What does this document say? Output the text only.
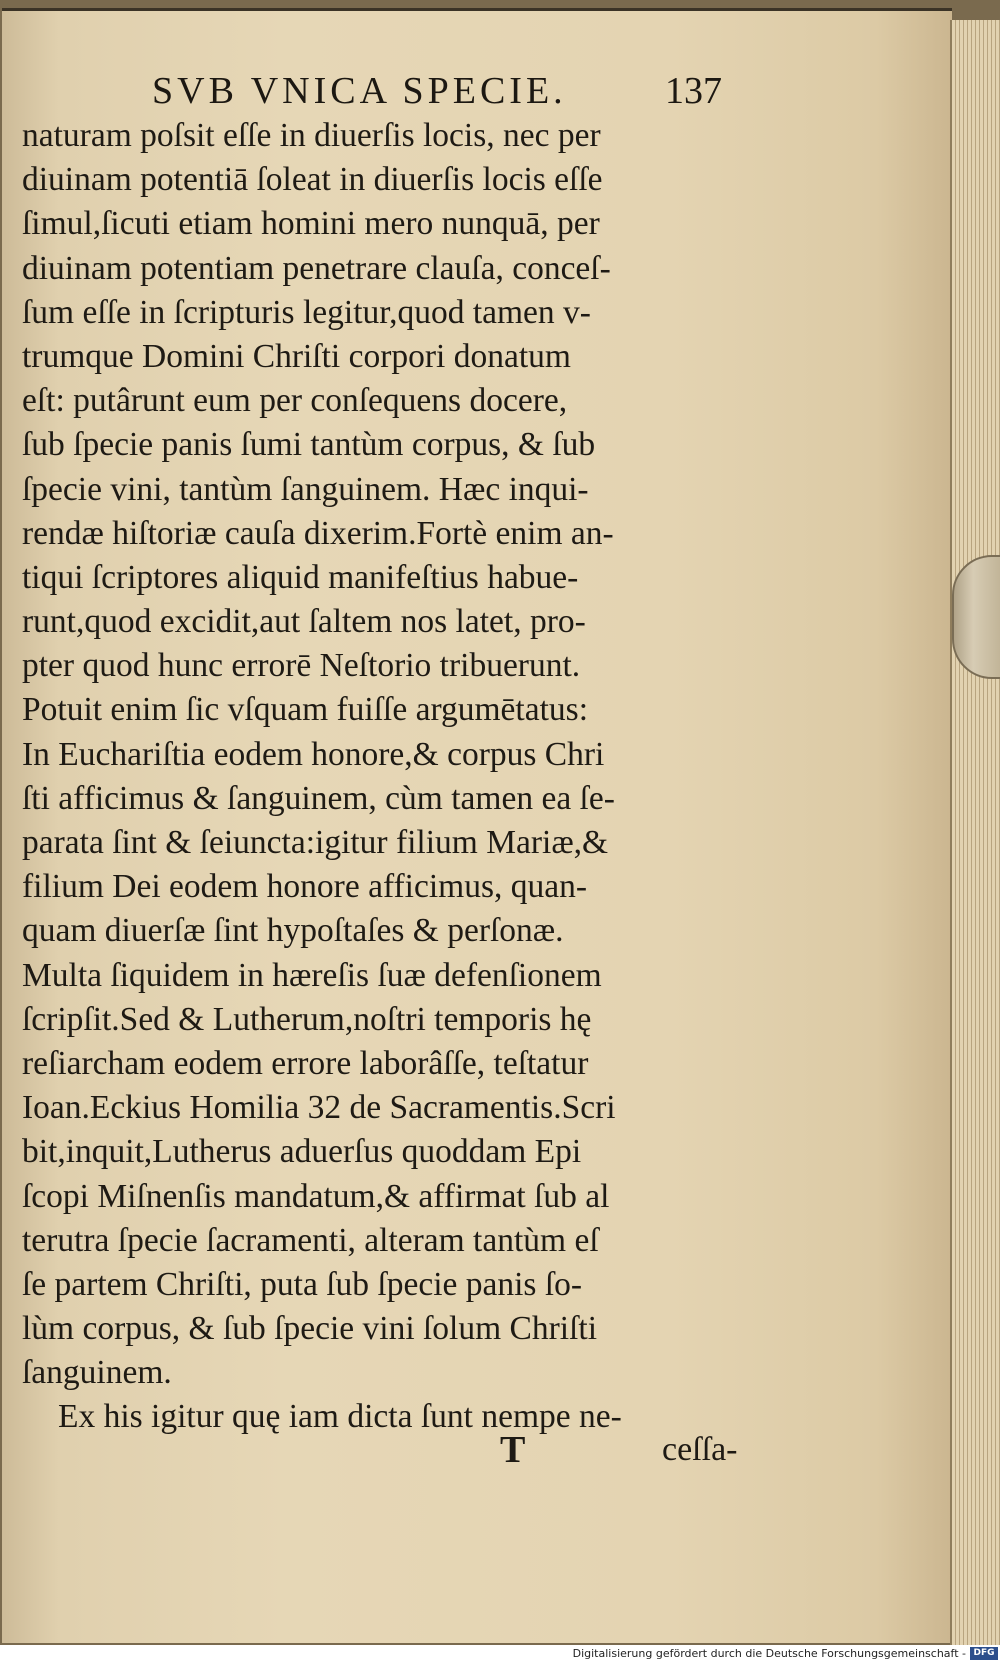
SVB VNICA SPECIE.	137
naturam poſsit eſſe in diuerſis locis, nec per
diuinam potentiā ſoleat in diuerſis locis eſſe
ſimul,ſicuti etiam homini mero nunquā, per
diuinam potentiam penetrare clauſa, conceſ-
ſum eſſe in ſcripturis legitur,quod tamen v-
trumque Domini Chriſti corpori donatum
eſt: putârunt eum per conſequens docere,
ſub ſpecie panis ſumi tantùm corpus, & ſub
ſpecie vini, tantùm ſanguinem. Hæc inqui-
rendæ hiſtoriæ cauſa dixerim.Fortè enim an-
tiqui ſcriptores aliquid manifeſtius habue-
runt,quod excidit,aut ſaltem nos latet, pro-
pter quod hunc errorē Neſtorio tribuerunt.
Potuit enim ſic vſquam fuiſſe argumētatus:
In Euchariſtia eodem honore,& corpus Chri
ſti afficimus & ſanguinem, cùm tamen ea ſe-
parata ſint & ſeiuncta:igitur filium Mariæ,&
filium Dei eodem honore afficimus, quan-
quam diuerſæ ſint hypoſtaſes & perſonæ.
Multa ſiquidem in hæreſis ſuæ defenſionem
ſcripſit.Sed & Lutherum,noſtri temporis hę
reſiarcham eodem errore laborâſſe, teſtatur
Ioan.Eckius Homilia 32 de Sacramentis.Scri
bit,inquit,Lutherus aduerſus quoddam Epi
ſcopi Miſnenſis mandatum,& affirmat ſub al
terutra ſpecie ſacramenti, alteram tantùm eſ
ſe partem Chriſti, puta ſub ſpecie panis ſo-
lùm corpus, & ſub ſpecie vini ſolum Chriſti
ſanguinem.
Ex his igitur quę iam dicta ſunt nempe ne-
T	ceſſa-
Digitalisierung gefördert durch die Deutsche Forschungsgemeinschaft - DFG
